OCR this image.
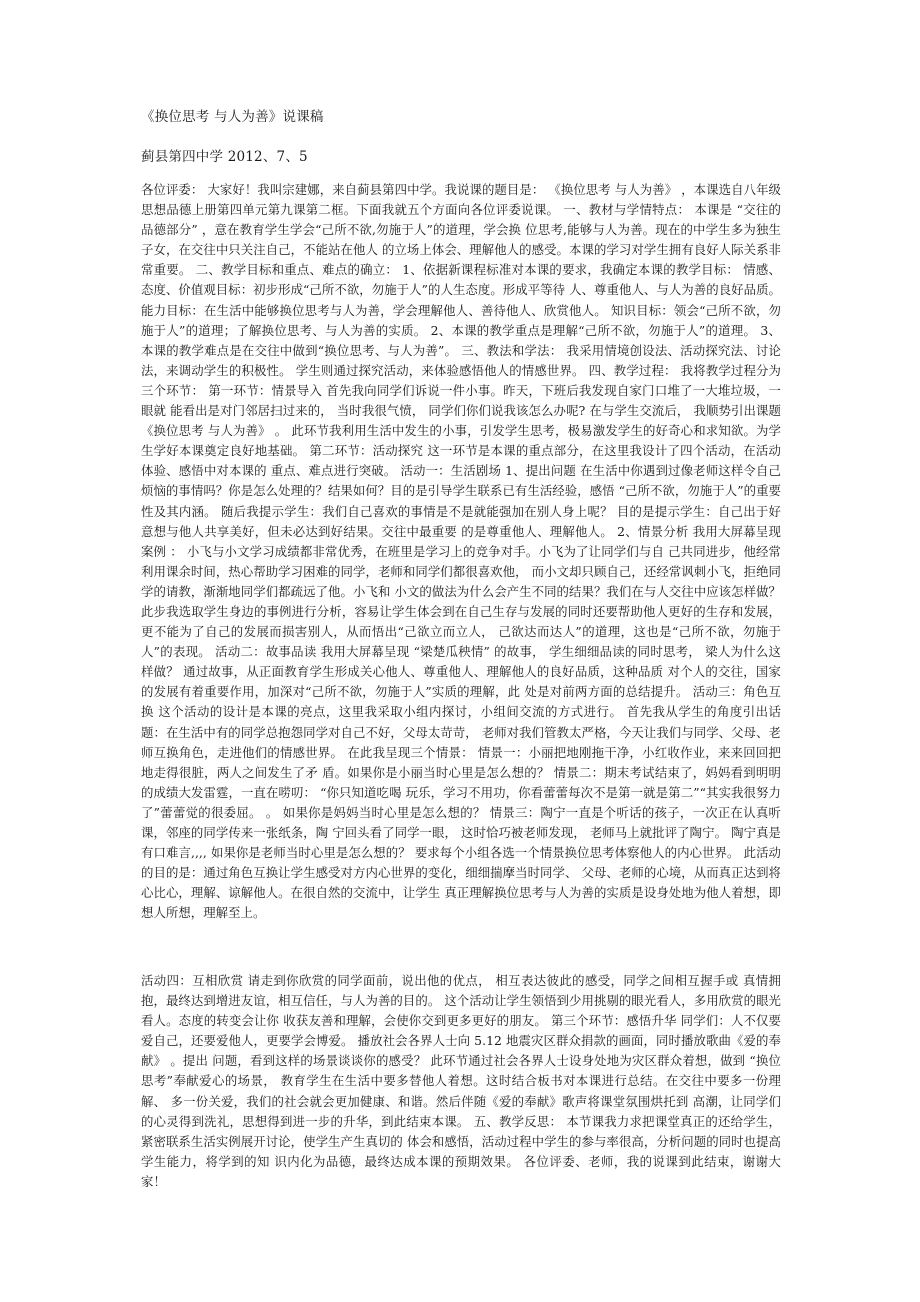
《换位思考 与人为善》说课稿
蓟县第四中学 2012、7、5

各位评委： 大家好！我叫宗建娜，来自蓟县第四中学。我说课的题目是： 《换位思考 与人为善》 ，本课选自八年级思想品德上册第四单元第九课第二框。下面我就五个方面向各位评委说课。 一、教材与学情特点： 本课是 “交往的品德部分” ，意在教育学生学会“己所不欲,勿施于人”的道理，学会换 位思考,能够与人为善。现在的中学生多为独生子女，在交往中只关注自己，不能站在他人 的立场上体会、理解他人的感受。本课的学习对学生拥有良好人际关系非常重要。 二、教学目标和重点、难点的确立： 1、依据新课程标准对本课的要求，我确定本课的教学目标： 情感、态度、价值观目标：初步形成“己所不欲，勿施于人”的人生态度。形成平等待 人、尊重他人、与人为善的良好品质。 能力目标：在生活中能够换位思考与人为善，学会理解他人、善待他人、欣赏他人。 知识目标：领会“己所不欲，勿施于人”的道理；了解换位思考、与人为善的实质。 2、本课的教学重点是理解“己所不欲，勿施于人”的道理。 3、本课的教学难点是在交往中做到“换位思考、与人为善”。 三、教法和学法： 我采用情境创设法、活动探究法、讨论法，来调动学生的积极性。 学生则通过探究活动，来体验感悟他人的情感世界。 四、教学过程： 我将教学过程分为三个环节： 第一环节：情景导入 首先我向同学们诉说一件小事。昨天，下班后我发现自家门口堆了一大堆垃圾，一眼就 能看出是对门邻居扫过来的， 当时我很气愤， 同学们你们说我该怎么办呢? 在与学生交流后， 我顺势引出课题《换位思考 与人为善》 。 此环节我利用生活中发生的小事，引发学生思考，极易激发学生的好奇心和求知欲。为学 生学好本课奠定良好地基础。 第二环节：活动探究 这一环节是本课的重点部分，在这里我设计了四个活动，在活动体验、感悟中对本课的 重点、难点进行突破。 活动一：生活剧场 1、提出问题 在生活中你遇到过像老师这样令自己烦恼的事情吗？你是怎么处理的？结果如何？目的是引导学生联系已有生活经验，感悟 “己所不欲，勿施于人”的重要性及其内涵。 随后我提示学生：我们自己喜欢的事情是不是就能强加在别人身上呢？ 目的是提示学生：自己出于好意想与他人共享美好，但未必达到好结果。交往中最重要 的是尊重他人、理解他人。 2、情景分析 我用大屏幕呈现案例 ： 小飞与小文学习成绩都非常优秀，在班里是学习上的竞争对手。小飞为了让同学们与自 己共同进步，他经常利用课余时间，热心帮助学习困难的同学，老师和同学们都很喜欢他， 而小文却只顾自己，还经常讽刺小飞，拒绝同学的请教，渐渐地同学们都疏远了他。小飞和 小文的做法为什么会产生不同的结果？我们在与人交往中应该怎样做？ 此步我选取学生身边的事例进行分析，容易让学生体会到在自己生存与发展的同时还要帮助他人更好的生存和发展，更不能为了自己的发展而损害别人，从而悟出“己欲立而立人， 己欲达而达人”的道理，这也是“己所不欲，勿施于人”的表现。 活动二：故事品读 我用大屏幕呈现 “梁楚瓜秧情” 的故事， 学生细细品读的同时思考， 梁人为什么这样做？ 通过故事，从正面教育学生形成关心他人、尊重他人、理解他人的良好品质，这种品质 对个人的交往，国家的发展有着重要作用，加深对“己所不欲，勿施于人”实质的理解，此 处是对前两方面的总结提升。 活动三：角色互换 这个活动的设计是本课的亮点，这里我采取小组内探讨，小组间交流的方式进行。 首先我从学生的角度引出话题：在生活中有的同学总抱怨同学对自己不好，父母太苛苛， 老师对我们管教太严格，今天让我们与同学、父母、老师互换角色，走进他们的情感世界。 在此我呈现三个情景： 情景一：小丽把地刚拖干净，小红收作业，来来回回把地走得很脏，两人之间发生了矛 盾。如果你是小丽当时心里是怎么想的？ 情景二：期末考试结束了，妈妈看到明明的成绩大发雷霆，一直在唠叨： “你只知道吃喝 玩乐，学习不用功，你看蕾蕾每次不是第一就是第二”“其实我很努力了”蕾蕾觉的很委屈。 。 如果你是妈妈当时心里是怎么想的？ 情景三：陶宁一直是个听话的孩子，一次正在认真听课，邻座的同学传来一张纸条，陶 宁回头看了同学一眼， 这时恰巧被老师发现， 老师马上就批评了陶宁。 陶宁真是有口难言,,,, 如果你是老师当时心里是怎么想的？ 要求每个小组各选一个情景换位思考体察他人的内心世界。 此活动的目的是：通过角色互换让学生感受对方内心世界的变化，细细揣摩当时同学、 父母、老师的心境，从而真正达到将心比心，理解、谅解他人。在很自然的交流中，让学生 真正理解换位思考与人为善的实质是设身处地为他人着想，即想人所想，理解至上。

活动四：互相欣赏 请走到你欣赏的同学面前，说出他的优点， 相互表达彼此的感受，同学之间相互握手或 真情拥抱，最终达到增进友谊，相互信任，与人为善的目的。 这个活动让学生领悟到少用挑剔的眼光看人，多用欣赏的眼光看人。态度的转变会让你 收获友善和理解，会使你交到更多更好的朋友。 第三个环节：感悟升华 同学们：人不仅要爱自己，还要爱他人，更要学会博爱。 播放社会各界人士向 5.12 地震灾区群众捐款的画面，同时播放歌曲《爱的奉献》 。提出 问题，看到这样的场景谈谈你的感受？ 此环节通过社会各界人士设身处地为灾区群众着想，做到 “换位思考”奉献爱心的场景， 教育学生在生活中要多替他人着想。这时结合板书对本课进行总结。在交往中要多一份理解、 多一份关爱，我们的社会就会更加健康、和谐。然后伴随《爱的奉献》歌声将课堂氛围烘托到 高潮，让同学们的心灵得到洗礼，思想得到进一步的升华，到此结束本课。 五、教学反思： 本节课我力求把课堂真正的还给学生，紧密联系生活实例展开讨论，使学生产生真切的 体会和感悟，活动过程中学生的参与率很高，分析问题的同时也提高学生能力，将学到的知 识内化为品德，最终达成本课的预期效果。 各位评委、老师，我的说课到此结束，谢谢大家！
